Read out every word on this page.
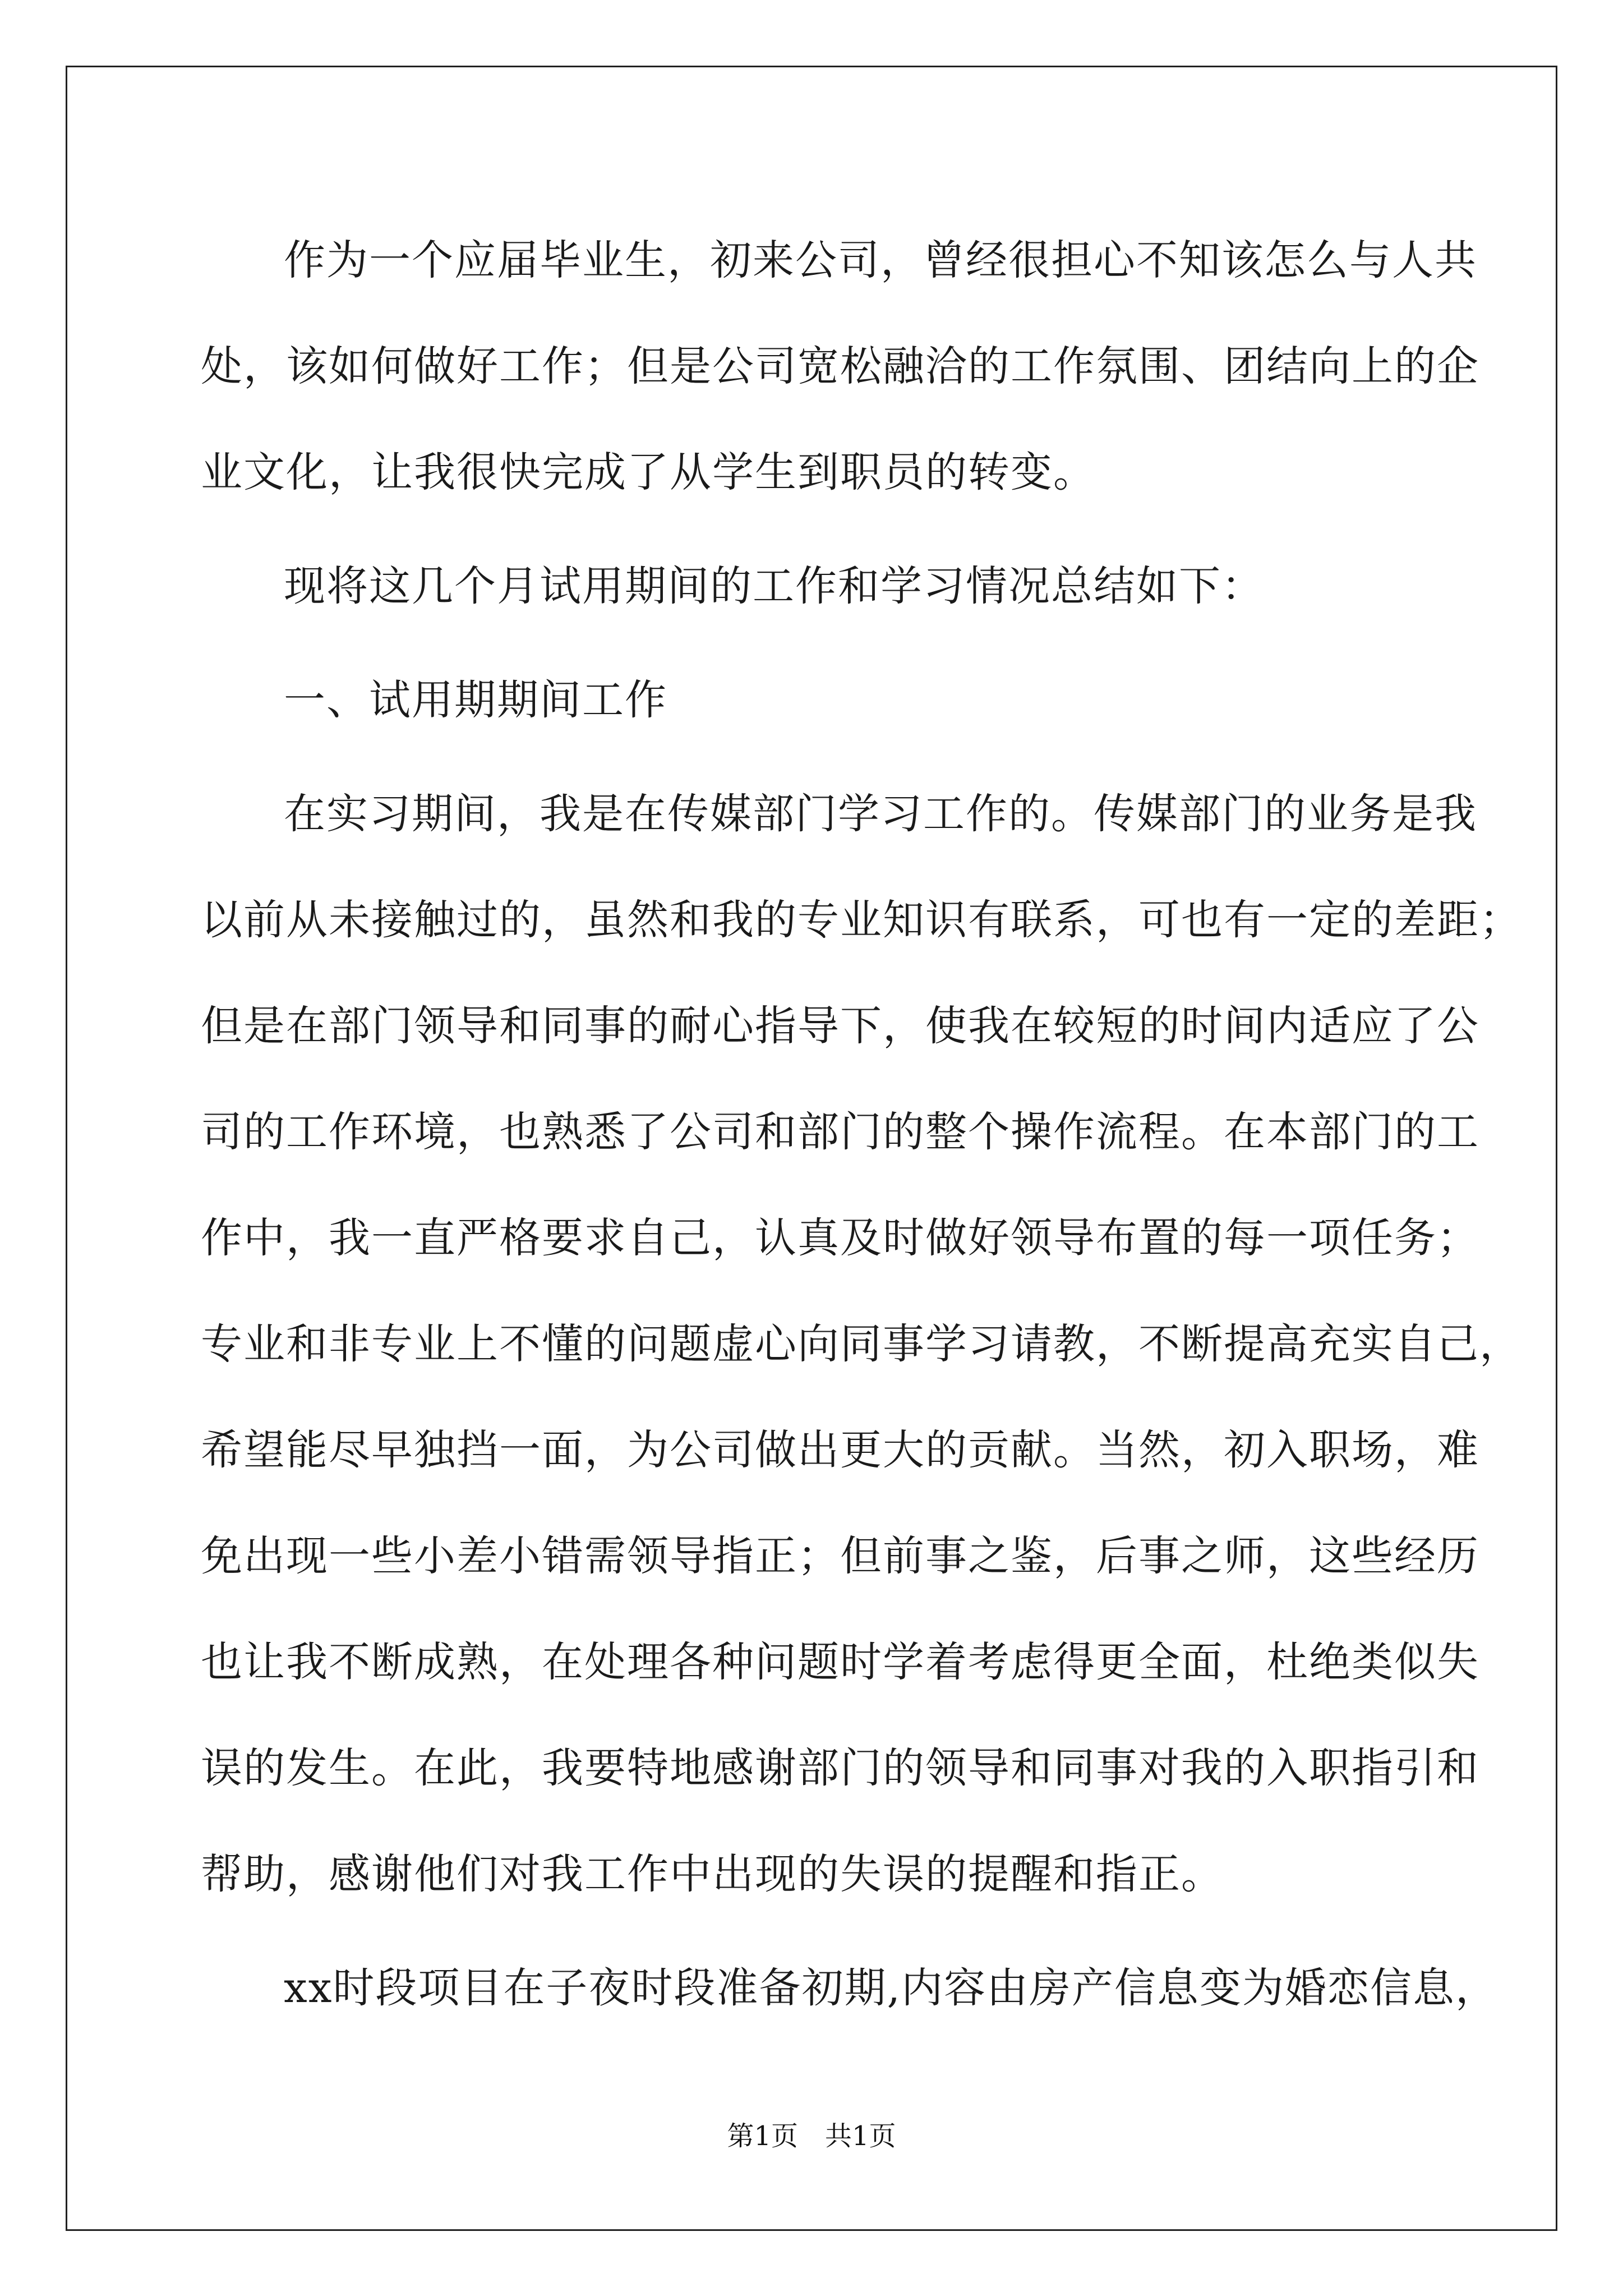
作为一个应届毕业生，初来公司，曾经很担心不知该怎么与人共
处，该如何做好工作；但是公司宽松融洽的工作氛围、团结向上的企
业文化，让我很快完成了从学生到职员的转变。
现将这几个月试用期间的工作和学习情况总结如下：
一、试用期期间工作
在实习期间，我是在传媒部门学习工作的。传媒部门的业务是我
以前从未接触过的，虽然和我的专业知识有联系，可也有一定的差距；
但是在部门领导和同事的耐心指导下，使我在较短的时间内适应了公
司的工作环境，也熟悉了公司和部门的整个操作流程。在本部门的工
作中，我一直严格要求自己，认真及时做好领导布置的每一项任务；
专业和非专业上不懂的问题虚心向同事学习请教，不断提高充实自己，
希望能尽早独挡一面，为公司做出更大的贡献。当然，初入职场，难
免出现一些小差小错需领导指正；但前事之鉴，后事之师，这些经历
也让我不断成熟，在处理各种问题时学着考虑得更全面，杜绝类似失
误的发生。在此，我要特地感谢部门的领导和同事对我的入职指引和
帮助，感谢他们对我工作中出现的失误的提醒和指正。
xx时段项目在子夜时段准备初期,内容由房产信息变为婚恋信息，
第1页　共1页
